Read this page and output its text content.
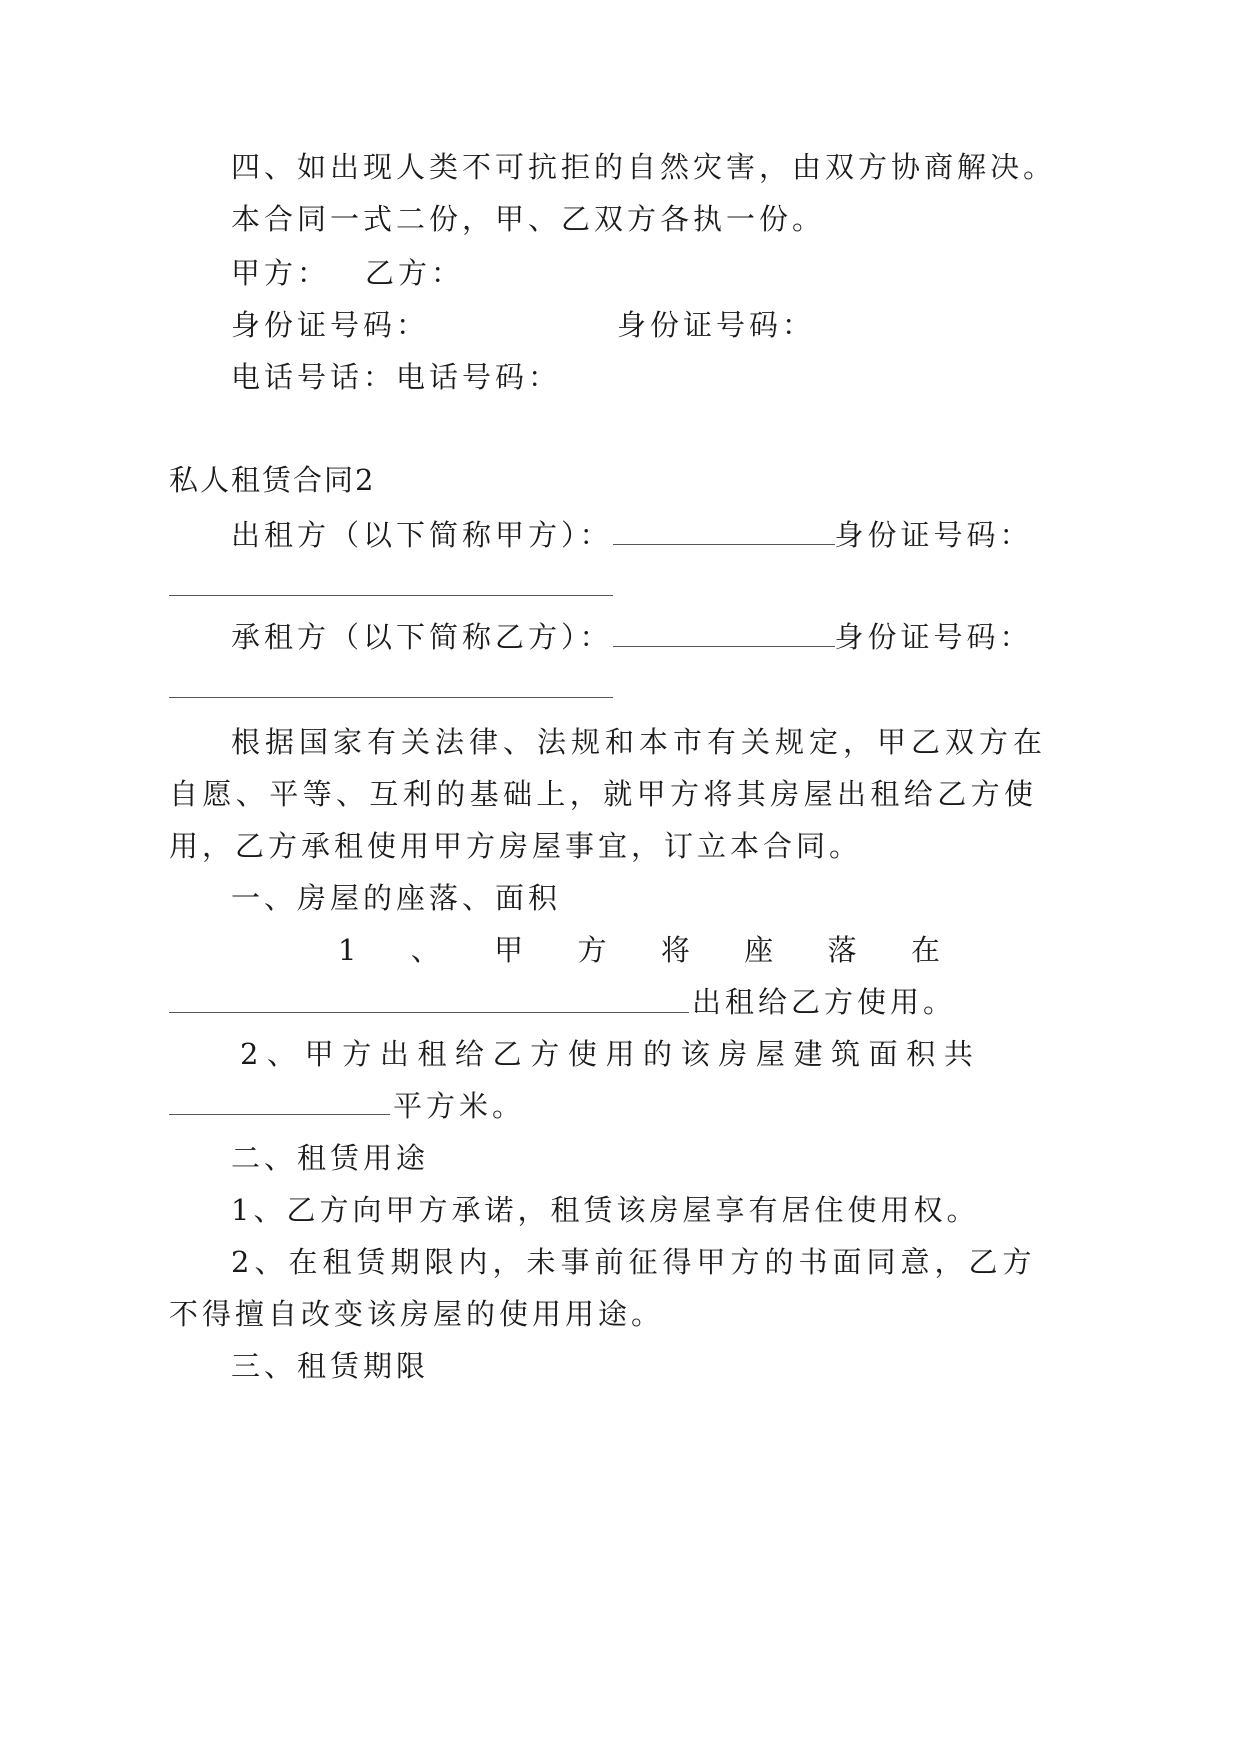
四、如出现人类不可抗拒的自然灾害，由双方协商解决。
本合同一式二份，甲、乙双方各执一份。
甲方： 乙方：
身份证号码：	身份证号码：
电话号话：电话号码：
私人租赁合同2
出租方（以下简称甲方）：	身份证号码：
承租方（以下简称乙方）：	身份证号码：
根据国家有关法律、法规和本市有关规定，甲乙双方在
自愿、平等、互利的基础上，就甲方将其房屋出租给乙方使
用，乙方承租使用甲方房屋事宜，订立本合同。
一、房屋的座落、面积
1 、 甲 方 将 座 落 在
出租给乙方使用。
2、甲方出租给乙方使用的该房屋建筑面积共
平方米。
二、租赁用途
1、乙方向甲方承诺，租赁该房屋享有居住使用权。
2、在租赁期限内，未事前征得甲方的书面同意，乙方
不得擅自改变该房屋的使用用途。
三、租赁期限
